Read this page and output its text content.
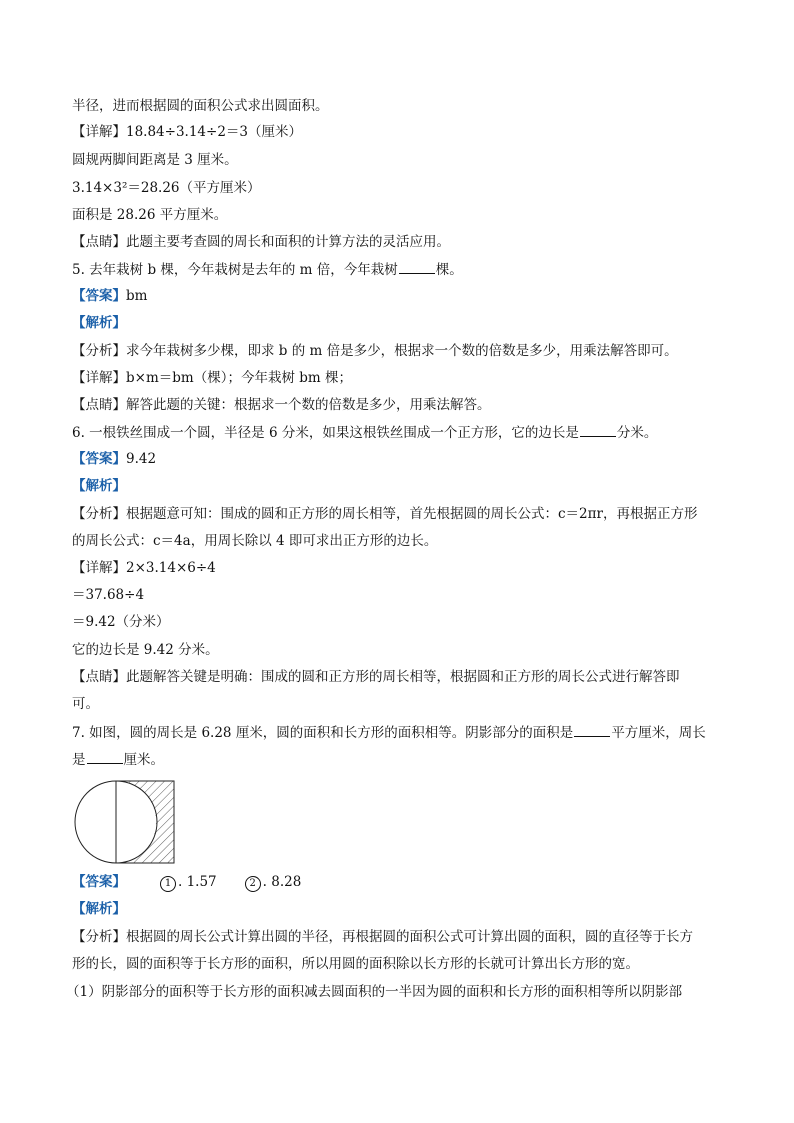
半径，进而根据圆的面积公式求出圆面积。
【详解】18.84÷3.14÷2＝3（厘米）
圆规两脚间距离是 3 厘米。
3.14×3²＝28.26（平方厘米）
面积是 28.26 平方厘米。
【点睛】此题主要考查圆的周长和面积的计算方法的灵活应用。
5. 去年栽树 b 棵，今年栽树是去年的 m 倍，今年栽树	棵。
【答案】bm
【解析】
【分析】求今年栽树多少棵，即求 b 的 m 倍是多少，根据求一个数的倍数是多少，用乘法解答即可。
【详解】b×m＝bm（棵）；今年栽树 bm 棵；
【点睛】解答此题的关键：根据求一个数的倍数是多少，用乘法解答。
6. 一根铁丝围成一个圆，半径是 6 分米，如果这根铁丝围成一个正方形，它的边长是	分米。
【答案】9.42
【解析】
【分析】根据题意可知：围成的圆和正方形的周长相等，首先根据圆的周长公式：c＝2πr，再根据正方形
的周长公式：c＝4a，用周长除以 4 即可求出正方形的边长。
【详解】2×3.14×6÷4
＝37.68÷4
＝9.42（分米）
它的边长是 9.42 分米。
【点睛】此题解答关键是明确：围成的圆和正方形的周长相等，根据圆和正方形的周长公式进行解答即
可。
7. 如图，圆的周长是 6.28 厘米，圆的面积和长方形的面积相等。阴影部分的面积是	平方厘米，周长
是	厘米。
【答案】	1 . 1.57	2 . 8.28
【解析】
【分析】根据圆的周长公式计算出圆的半径，再根据圆的面积公式可计算出圆的面积，圆的直径等于长方
形的长，圆的面积等于长方形的面积，所以用圆的面积除以长方形的长就可计算出长方形的宽。
（1）阴影部分的面积等于长方形的面积减去圆面积的一半因为圆的面积和长方形的面积相等所以阴影部
